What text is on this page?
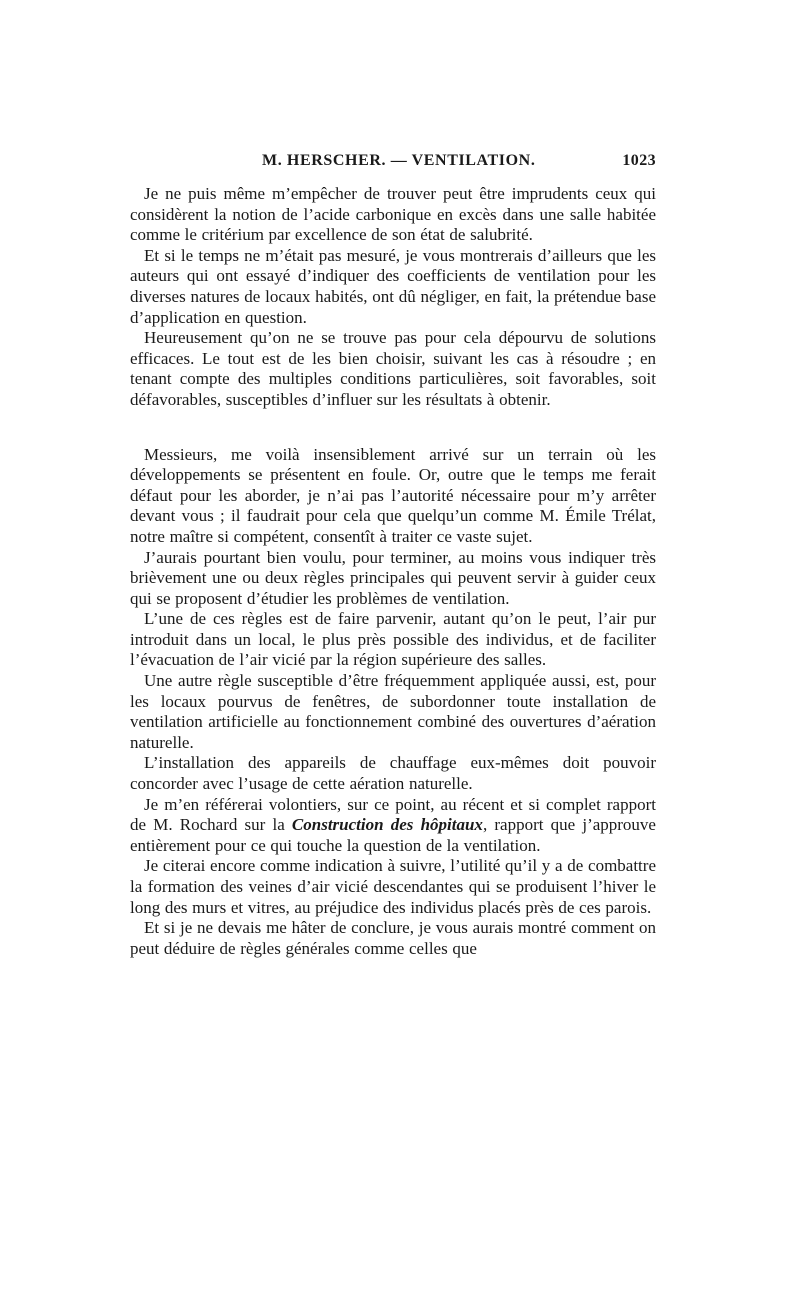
M. HERSCHER. — VENTILATION.	1023

Je ne puis même m’empêcher de trouver peut être imprudents ceux qui considèrent la notion de l’acide carbonique en excès dans une salle habitée comme le critérium par excellence de son état de salubrité.

Et si le temps ne m’était pas mesuré, je vous montrerais d’ailleurs que les auteurs qui ont essayé d’indiquer des coefficients de ventilation pour les diverses natures de locaux habités, ont dû négliger, en fait, la prétendue base d’application en question.

Heureusement qu’on ne se trouve pas pour cela dépourvu de solutions efficaces. Le tout est de les bien choisir, suivant les cas à résoudre ; en tenant compte des multiples conditions particulières, soit favorables, soit défavorables, susceptibles d’influer sur les résultats à obtenir.

Messieurs, me voilà insensiblement arrivé sur un terrain où les développements se présentent en foule. Or, outre que le temps me ferait défaut pour les aborder, je n’ai pas l’autorité nécessaire pour m’y arrêter devant vous ; il faudrait pour cela que quelqu’un comme M. Émile Trélat, notre maître si compétent, consentît à traiter ce vaste sujet.

J’aurais pourtant bien voulu, pour terminer, au moins vous indiquer très brièvement une ou deux règles principales qui peuvent servir à guider ceux qui se proposent d’étudier les problèmes de ventilation.

L’une de ces règles est de faire parvenir, autant qu’on le peut, l’air pur introduit dans un local, le plus près possible des individus, et de faciliter l’évacuation de l’air vicié par la région supérieure des salles.

Une autre règle susceptible d’être fréquemment appliquée aussi, est, pour les locaux pourvus de fenêtres, de subordonner toute installation de ventilation artificielle au fonctionnement combiné des ouvertures d’aération naturelle.

L’installation des appareils de chauffage eux-mêmes doit pouvoir concorder avec l’usage de cette aération naturelle.

Je m’en référerai volontiers, sur ce point, au récent et si complet rapport de M. Rochard sur la Construction des hôpitaux, rapport que j’approuve entièrement pour ce qui touche la question de la ventilation.

Je citerai encore comme indication à suivre, l’utilité qu’il y a de combattre la formation des veines d’air vicié descendantes qui se produisent l’hiver le long des murs et vitres, au préjudice des individus placés près de ces parois.

Et si je ne devais me hâter de conclure, je vous aurais montré comment on peut déduire de règles générales comme celles que
